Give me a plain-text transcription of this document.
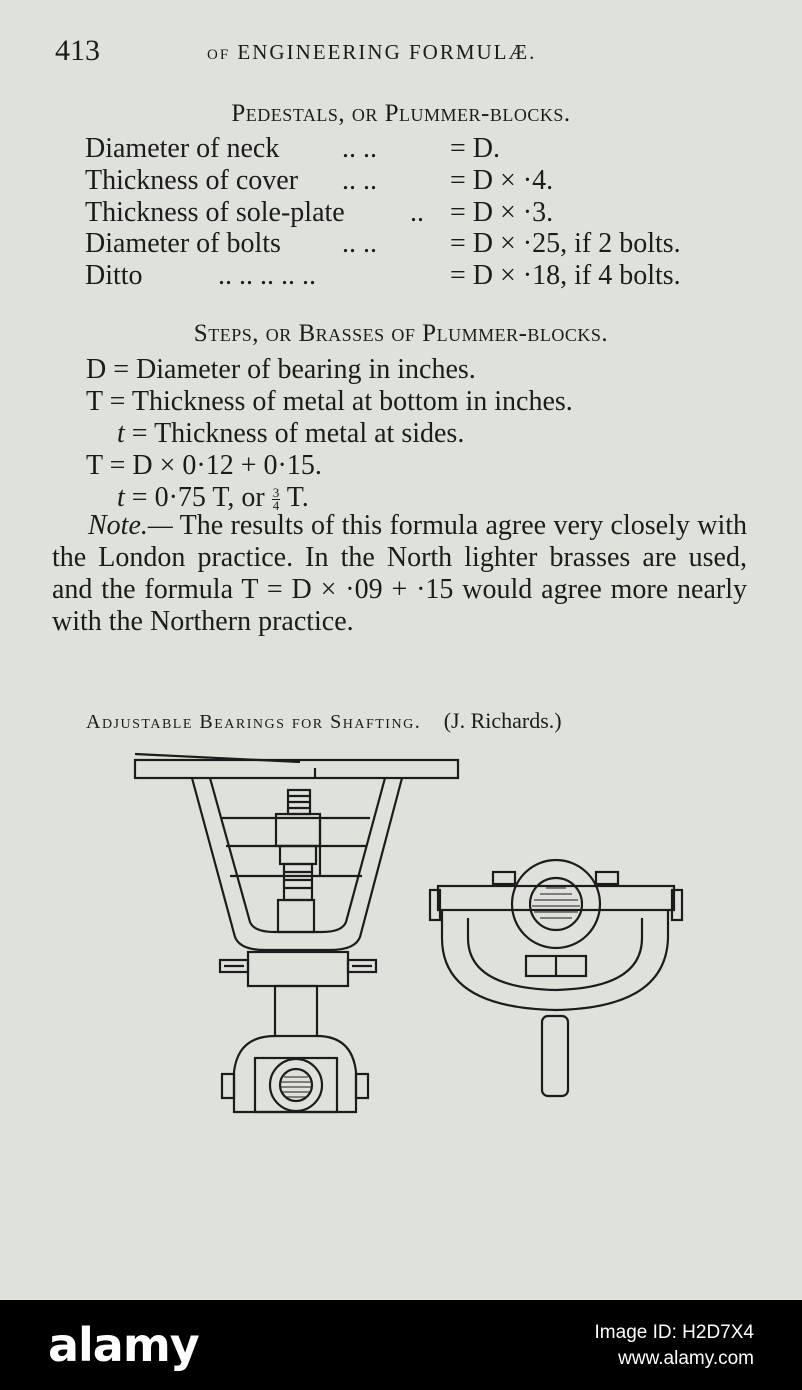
413	of ENGINEERING FORMULÆ.
Pedestals, or Plummer-blocks.
Diameter of neck .. ..	= D.
Thickness of cover .. ..	= D × ·4.
Thickness of sole-plate .. = D × ·3.
Diameter of bolts .. ..	= D × ·25, if 2 bolts.
Ditto	.. .. .. .. ..	= D × ·18, if 4 bolts.
Steps, or Brasses of Plummer-blocks.
D = Diameter of bearing in inches.
T = Thickness of metal at bottom in inches.
t = Thickness of metal at sides.
T = D × 0·12 + 0·15.
t = 0·75 T, or $\frac{3}{4} T$.
Note.— The results of this formula agree very closely with the London practice. In the North lighter brasses are used, and the formula T = D × ·09 + ·15 would agree more nearly with the Northern practice.
Adjustable Bearings for Shafting. (J. Richards.)
alamy	Image ID: H2D7X4
www.alamy.com
